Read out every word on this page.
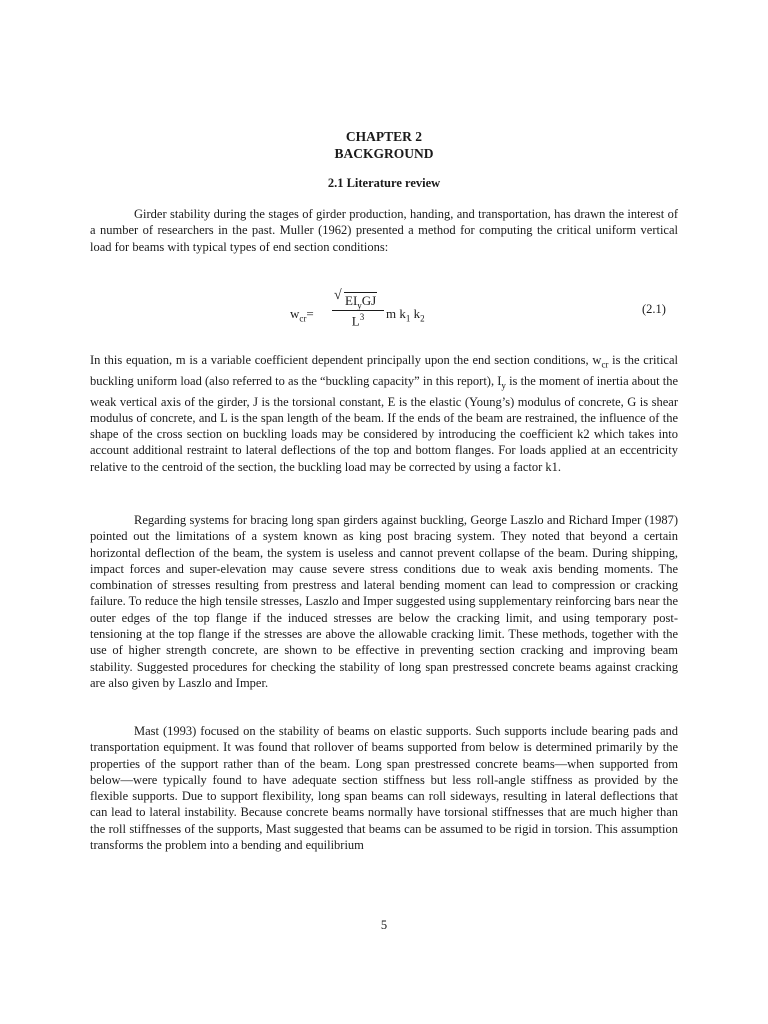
CHAPTER 2
BACKGROUND
2.1 Literature review

Girder stability during the stages of girder production, handing, and transportation, has drawn the interest of a number of researchers in the past. Muller (1962) presented a method for computing the critical uniform vertical load for beams with typical types of end section conditions:

$w_{cr}=$
√ $EI_yGJ$
$L^3$	m $k_1$ $k_2$
(2.1)

In this equation, m is a variable coefficient dependent principally upon the end section conditions, $w_{cr}$ is the critical buckling uniform load (also referred to as the “buckling capacity” in this report), $I_y$ is the moment of inertia about the weak vertical axis of the girder, J is the torsional constant, E is the elastic (Young’s) modulus of concrete, G is shear modulus of concrete, and L is the span length of the beam. If the ends of the beam are restrained, the influence of the shape of the cross section on buckling loads may be considered by introducing the coefficient k2 which takes into account additional restraint to lateral deflections of the top and bottom flanges. For loads applied at an eccentricity relative to the centroid of the section, the buckling load may be corrected by using a factor k1.

Regarding systems for bracing long span girders against buckling, George Laszlo and Richard Imper (1987) pointed out the limitations of a system known as king post bracing system. They noted that beyond a certain horizontal deflection of the beam, the system is useless and cannot prevent collapse of the beam. During shipping, impact forces and super-elevation may cause severe stress conditions due to weak axis bending moments. The combination of stresses resulting from prestress and lateral bending moment can lead to compression or cracking failure. To reduce the high tensile stresses, Laszlo and Imper suggested using supplementary reinforcing bars near the outer edges of the top flange if the induced stresses are below the cracking limit, and using temporary post-tensioning at the top flange if the stresses are above the allowable cracking limit. These methods, together with the use of higher strength concrete, are shown to be effective in preventing section cracking and improving beam stability. Suggested procedures for checking the stability of long span prestressed concrete beams against cracking are also given by Laszlo and Imper.

Mast (1993) focused on the stability of beams on elastic supports. Such supports include bearing pads and transportation equipment. It was found that rollover of beams supported from below is determined primarily by the properties of the support rather than of the beam. Long span prestressed concrete beams—when supported from below—were typically found to have adequate section stiffness but less roll-angle stiffness as provided by the flexible supports. Due to support flexibility, long span beams can roll sideways, resulting in lateral deflections that can lead to lateral instability. Because concrete beams normally have torsional stiffnesses that are much higher than the roll stiffnesses of the supports, Mast suggested that beams can be assumed to be rigid in torsion. This assumption transforms the problem into a bending and equilibrium

5
